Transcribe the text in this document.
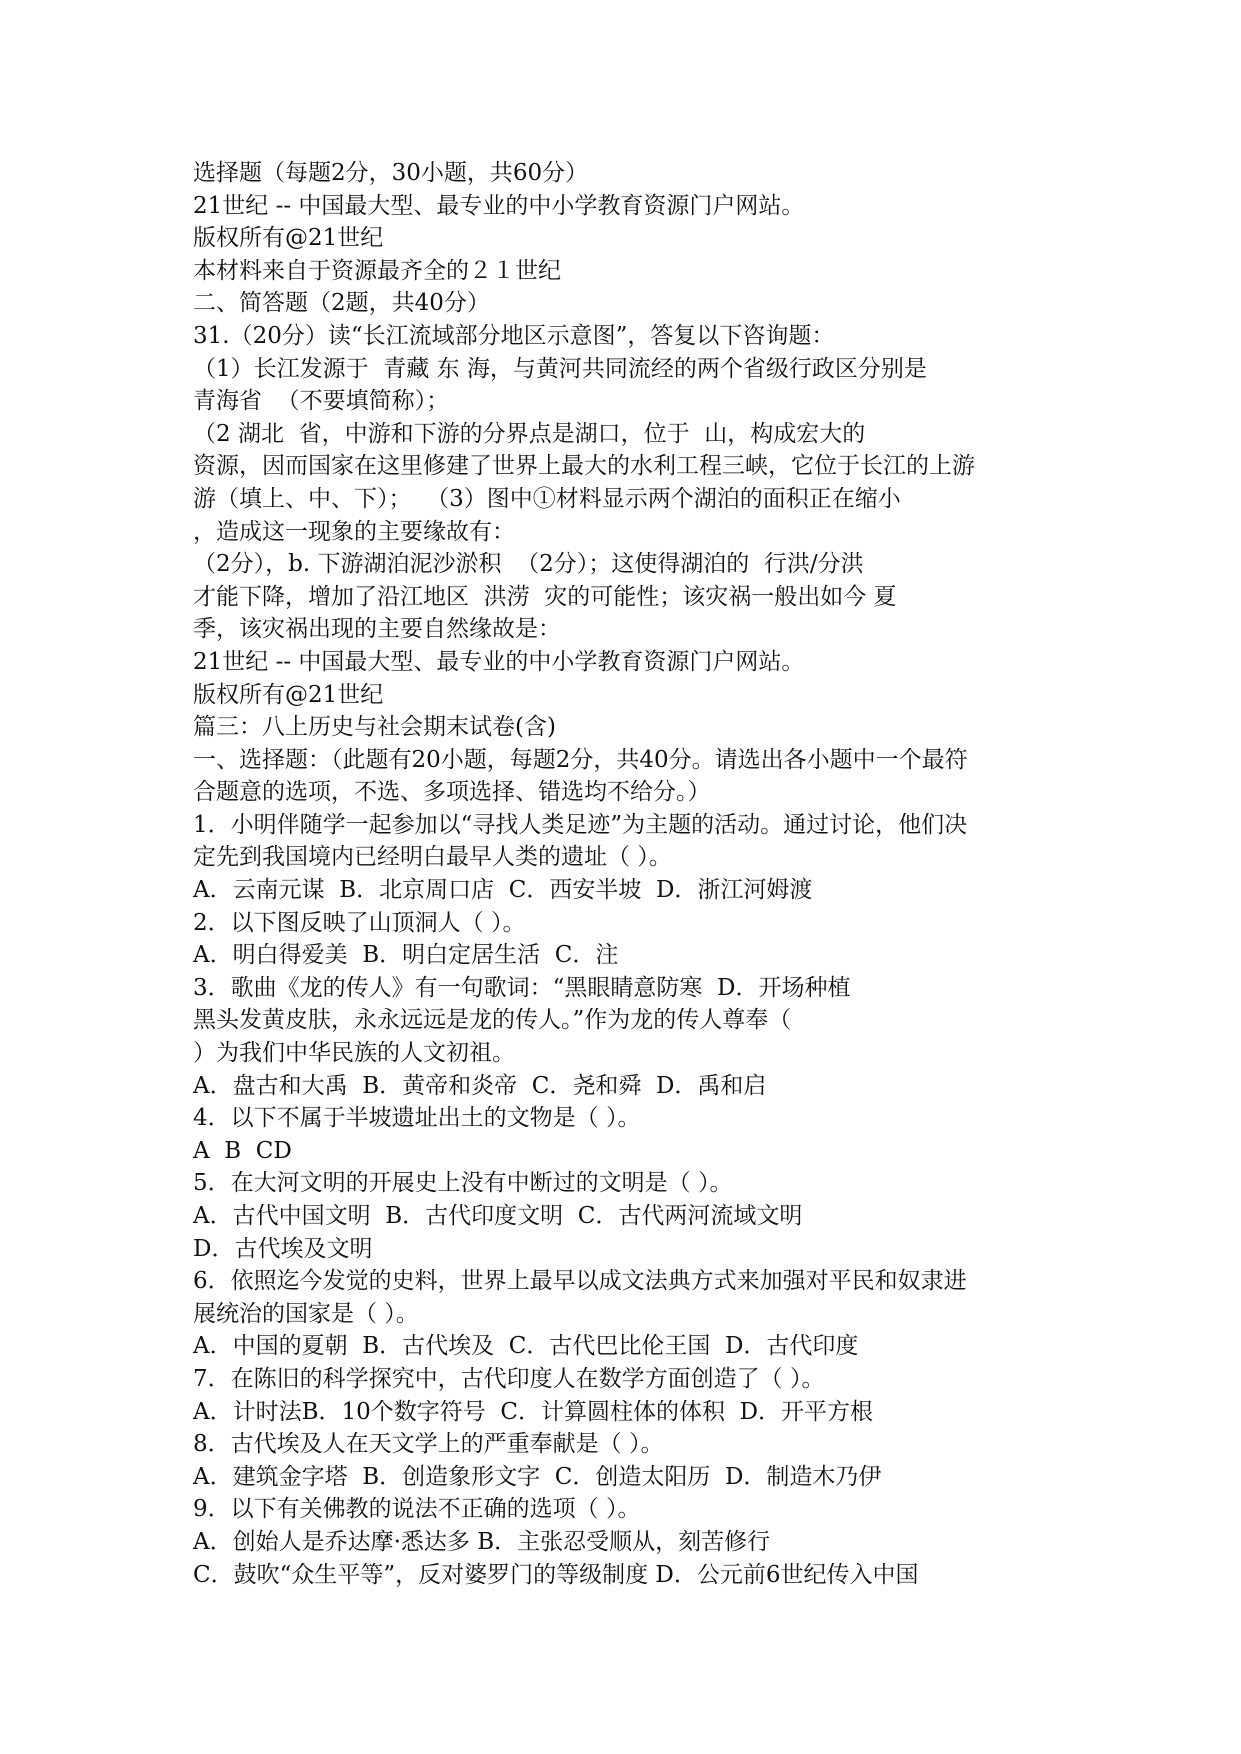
选择题（每题2分，30小题，共60分）
21世纪 -- 中国最大型、最专业的中小学教育资源门户网站。
版权所有@21世纪
本材料来自于资源最齐全的２１世纪
二、简答题（2题，共40分）
31.（20分）读“长江流域部分地区示意图”，答复以下咨询题：
（1）长江发源于  青藏 东 海，与黄河共同流经的两个省级行政区分别是
青海省  （不要填简称）；
（2 湖北  省，中游和下游的分界点是湖口，位于  山，构成宏大的
资源，因而国家在这里修建了世界上最大的水利工程三峡，它位于长江的上游
游（填上、中、下）；  （3）图中①材料显示两个湖泊的面积正在缩小
，造成这一现象的主要缘故有：
（2分），b. 下游湖泊泥沙淤积  （2分）；这使得湖泊的  行洪/分洪
才能下降，增加了沿江地区  洪涝  灾的可能性；该灾祸一般出如今 夏
季，该灾祸出现的主要自然缘故是：
21世纪 -- 中国最大型、最专业的中小学教育资源门户网站。
版权所有@21世纪
篇三：八上历史与社会期末试卷(含)
一、选择题：（此题有20小题，每题2分，共40分。请选出各小题中一个最符
合题意的选项，不选、多项选择、错选均不给分。）
1．小明伴随学一起参加以“寻找人类足迹”为主题的活动。通过讨论，他们决
定先到我国境内已经明白最早人类的遗址（ ）。
A．云南元谋  B．北京周口店  C．西安半坡  D．浙江河姆渡
2．以下图反映了山顶洞人（ ）。
A．明白得爱美  B．明白定居生活  C．注
3．歌曲《龙的传人》有一句歌词：“黑眼睛意防寒  D．开场种植
黑头发黄皮肤，永永远远是龙的传人。”作为龙的传人尊奉（
）为我们中华民族的人文初祖。
A．盘古和大禹  B．黄帝和炎帝  C．尧和舜  D．禹和启
4．以下不属于半坡遗址出土的文物是（ ）。
A  B  CD
5．在大河文明的开展史上没有中断过的文明是（ ）。
A．古代中国文明  B．古代印度文明  C．古代两河流域文明
D．古代埃及文明
6．依照迄今发觉的史料，世界上最早以成文法典方式来加强对平民和奴隶进
展统治的国家是（ ）。
A．中国的夏朝  B．古代埃及  C．古代巴比伦王国  D．古代印度
7．在陈旧的科学探究中，古代印度人在数学方面创造了（ ）。
A．计时法B．10个数字符号  C．计算圆柱体的体积  D．开平方根
8．古代埃及人在天文学上的严重奉献是（ ）。
A．建筑金字塔  B．创造象形文字  C．创造太阳历  D．制造木乃伊
9．以下有关佛教的说法不正确的选项（ ）。
A．创始人是乔达摩·悉达多 B．主张忍受顺从，刻苦修行
C．鼓吹“众生平等”，反对婆罗门的等级制度 D．公元前6世纪传入中国
